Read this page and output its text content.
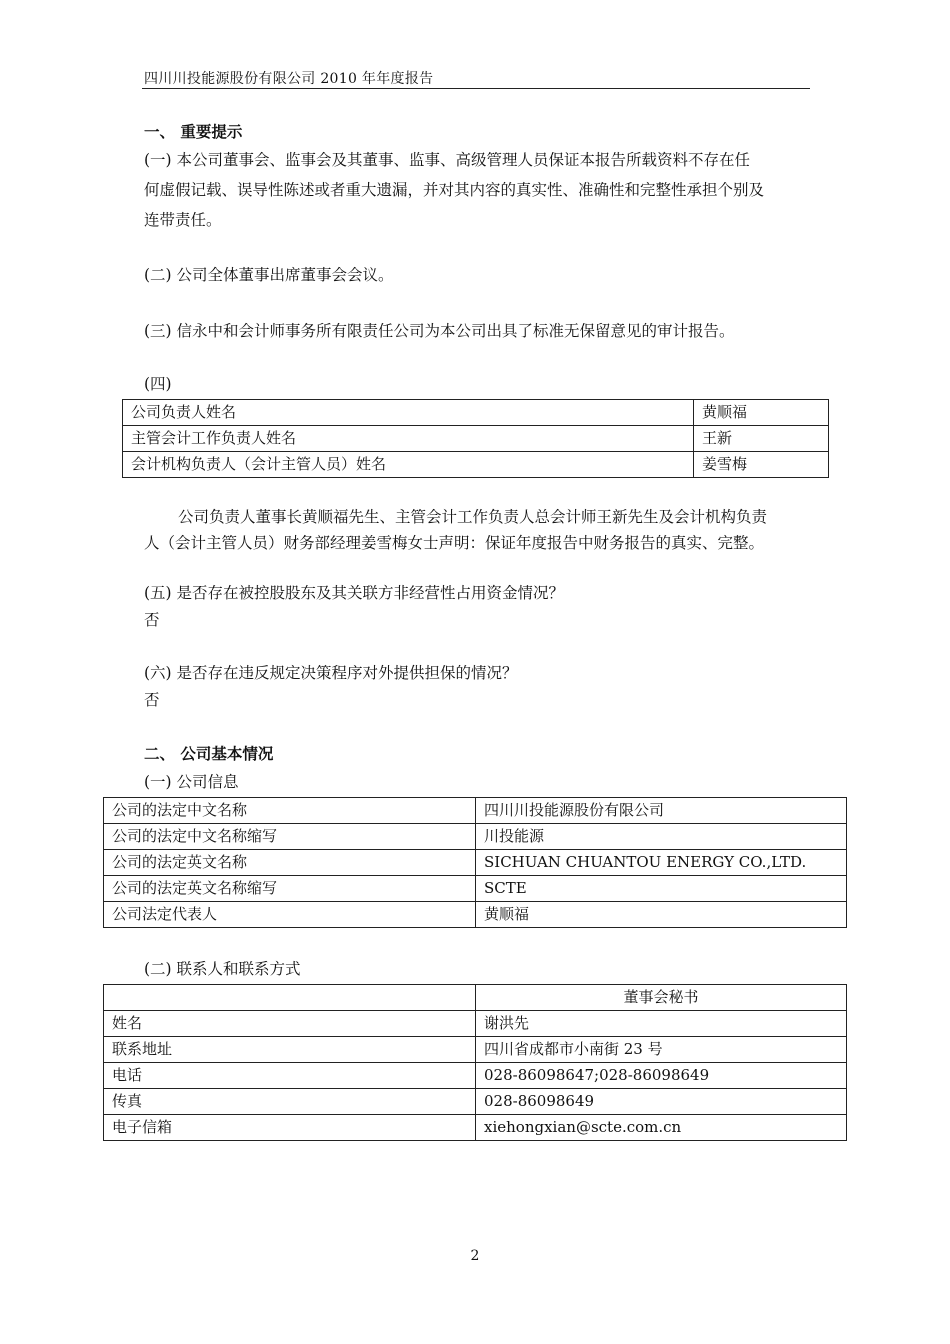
四川川投能源股份有限公司 2010 年年度报告
一、 重要提示
(一) 本公司董事会、监事会及其董事、监事、高级管理人员保证本报告所载资料不存在任
何虚假记载、误导性陈述或者重大遗漏，并对其内容的真实性、准确性和完整性承担个别及
连带责任。
(二) 公司全体董事出席董事会会议。
(三) 信永中和会计师事务所有限责任公司为本公司出具了标准无保留意见的审计报告。
(四)
公司负责人姓名	黄顺福
主管会计工作负责人姓名	王新
会计机构负责人（会计主管人员）姓名	姜雪梅
公司负责人董事长黄顺福先生、主管会计工作负责人总会计师王新先生及会计机构负责
人（会计主管人员）财务部经理姜雪梅女士声明：保证年度报告中财务报告的真实、完整。
(五) 是否存在被控股股东及其关联方非经营性占用资金情况？
否
(六) 是否存在违反规定决策程序对外提供担保的情况？
否
二、 公司基本情况
(一) 公司信息
公司的法定中文名称	四川川投能源股份有限公司
公司的法定中文名称缩写	川投能源
公司的法定英文名称	SICHUAN CHUANTOU ENERGY CO.,LTD.
公司的法定英文名称缩写	SCTE
公司法定代表人	黄顺福
(二) 联系人和联系方式
	董事会秘书
姓名	谢洪先
联系地址	四川省成都市小南街 23 号
电话	028-86098647;028-86098649
传真	028-86098649
电子信箱	xiehongxian@scte.com.cn
2
